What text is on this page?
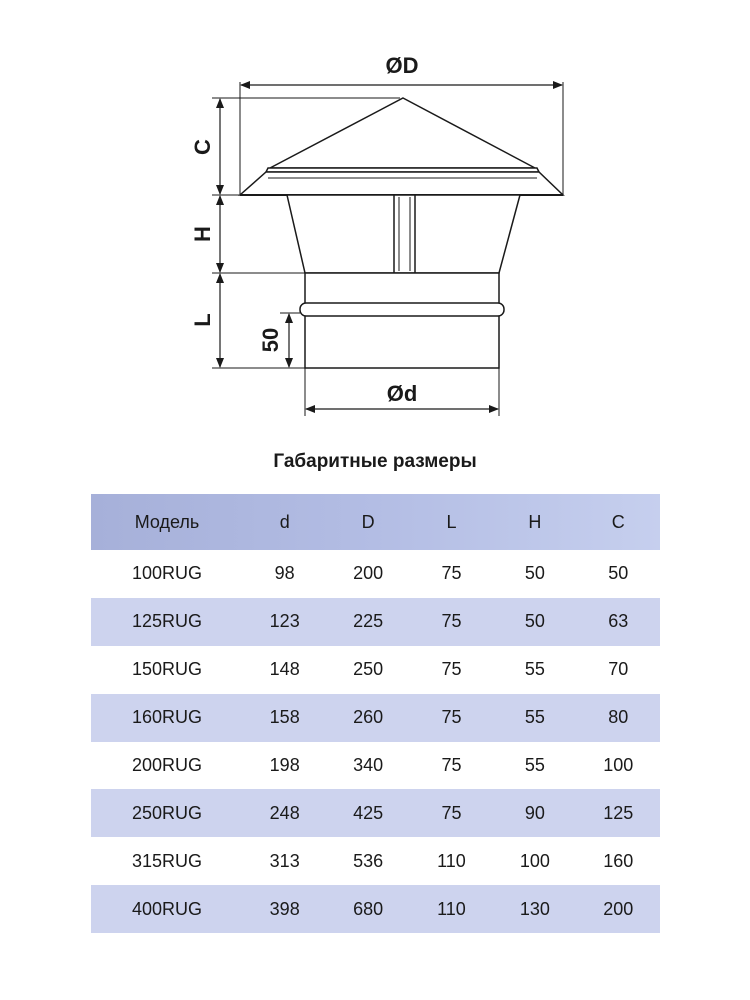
ØD
Ød
C
H
L
50
Габаритные размеры
Модель	d	D	L	H	C
100RUG	98	200	75	50	50
125RUG	123	225	75	50	63
150RUG	148	250	75	55	70
160RUG	158	260	75	55	80
200RUG	198	340	75	55	100
250RUG	248	425	75	90	125
315RUG	313	536	110	100	160
400RUG	398	680	110	130	200
